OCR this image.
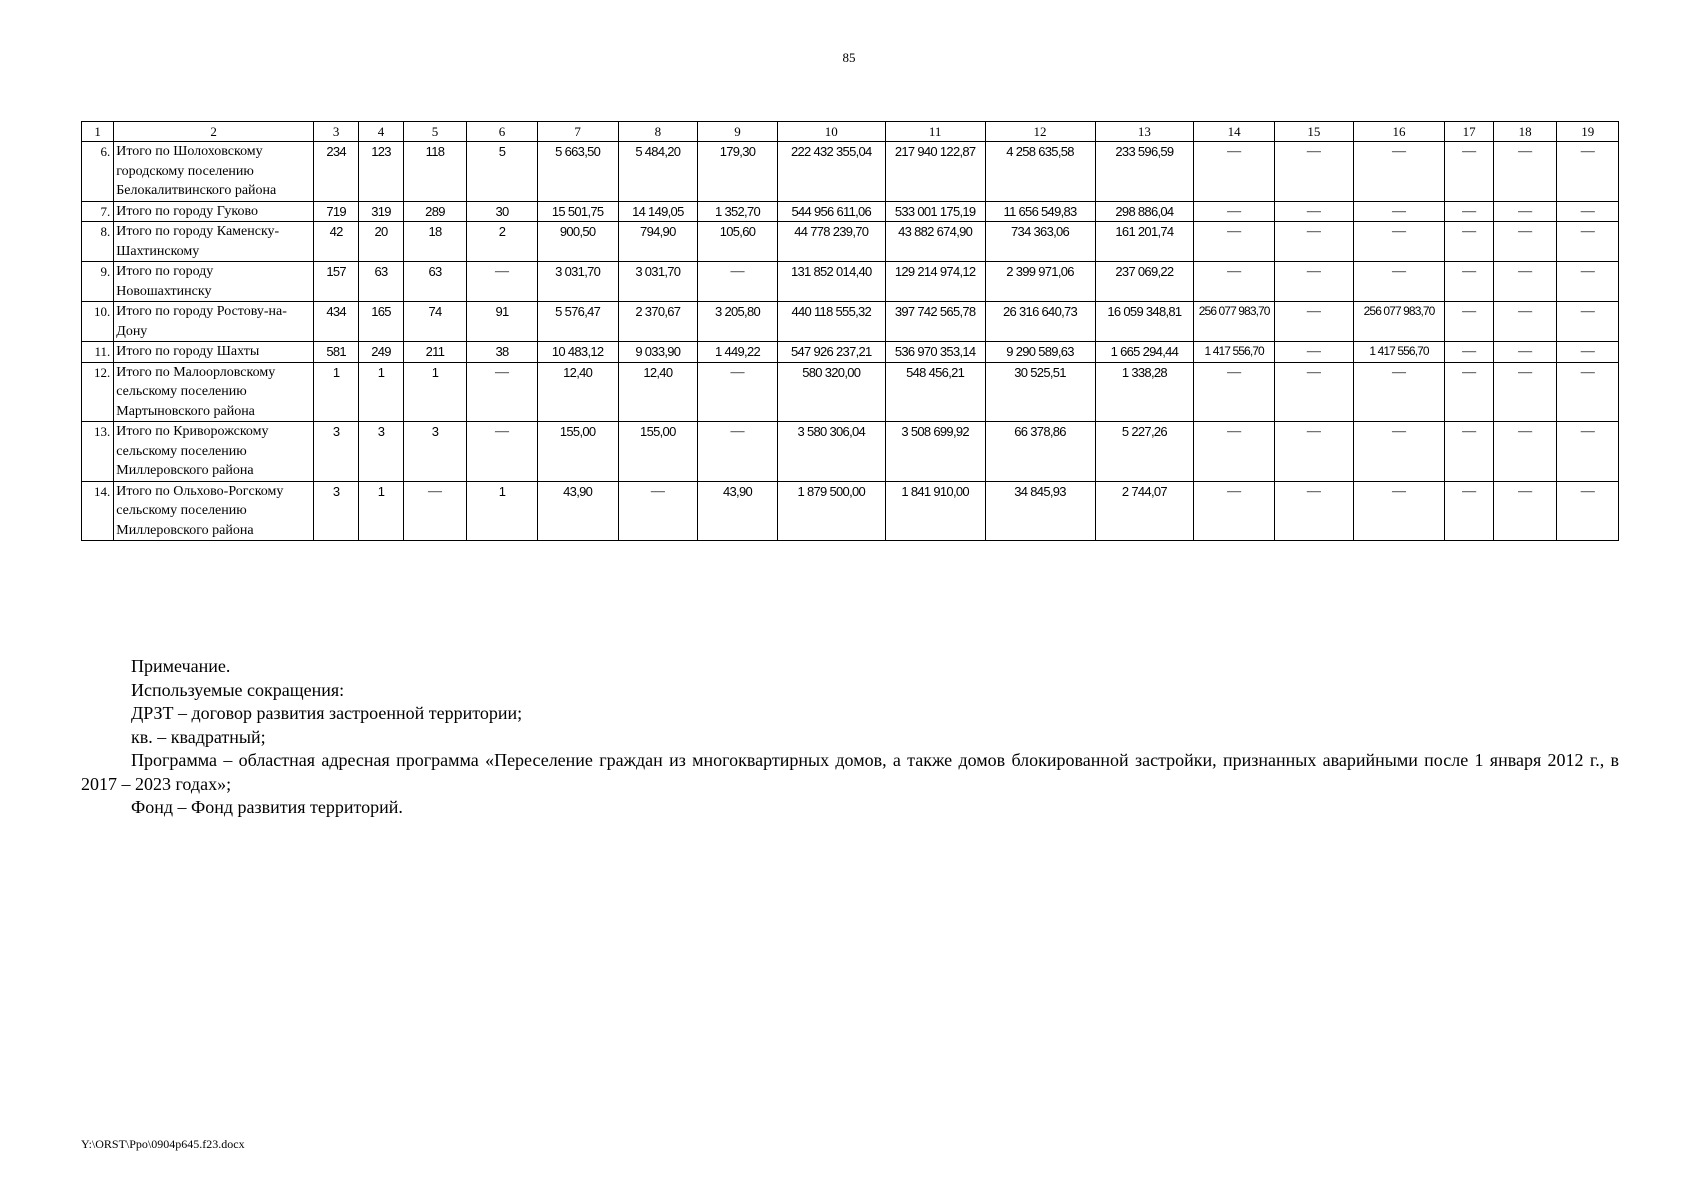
85
1	2	3	4	5	6	7	8	9	10	11	12	13	14	15	16	17	18	19
6.	Итого по Шолоховскому городскому поселению Белокалитвинского района	234	123	118	5	5 663,50	5 484,20	179,30	222 432 355,04	217 940 122,87	4 258 635,58	233 596,59	—	—	—	—	—	—
7.	Итого по городу Гуково	719	319	289	30	15 501,75	14 149,05	1 352,70	544 956 611,06	533 001 175,19	11 656 549,83	298 886,04	—	—	—	—	—	—
8.	Итого по городу Каменску-Шахтинскому	42	20	18	2	900,50	794,90	105,60	44 778 239,70	43 882 674,90	734 363,06	161 201,74	—	—	—	—	—	—
9.	Итого по городу Новошахтинску	157	63	63	—	3 031,70	3 031,70	—	131 852 014,40	129 214 974,12	2 399 971,06	237 069,22	—	—	—	—	—	—
10.	Итого по городу Ростову-на-Дону	434	165	74	91	5 576,47	2 370,67	3 205,80	440 118 555,32	397 742 565,78	26 316 640,73	16 059 348,81	256 077 983,70	—	256 077 983,70	—	—	—
11.	Итого по городу Шахты	581	249	211	38	10 483,12	9 033,90	1 449,22	547 926 237,21	536 970 353,14	9 290 589,63	1 665 294,44	1 417 556,70	—	1 417 556,70	—	—	—
12.	Итого по Малоорловскому сельскому поселению Мартыновского района	1	1	1	—	12,40	12,40	—	580 320,00	548 456,21	30 525,51	1 338,28	—	—	—	—	—	—
13.	Итого по Криворожскому сельскому поселению Миллеровского района	3	3	3	—	155,00	155,00	—	3 580 306,04	3 508 699,92	66 378,86	5 227,26	—	—	—	—	—	—
14.	Итого по Ольхово-Рогскому сельскому поселению Миллеровского района	3	1	—	1	43,90	—	43,90	1 879 500,00	1 841 910,00	34 845,93	2 744,07	—	—	—	—	—	—

Примечание.

Используемые сокращения:

ДРЗТ – договор развития застроенной территории;

кв. – квадратный;

Программа – областная адресная программа «Переселение граждан из многоквартирных домов, а также домов блокированной застройки, признанных аварийными после 1 января 2012 г., в 2017 – 2023 годах»;

Фонд – Фонд развития территорий.

Y:\ORST\Ppo\0904p645.f23.docx
